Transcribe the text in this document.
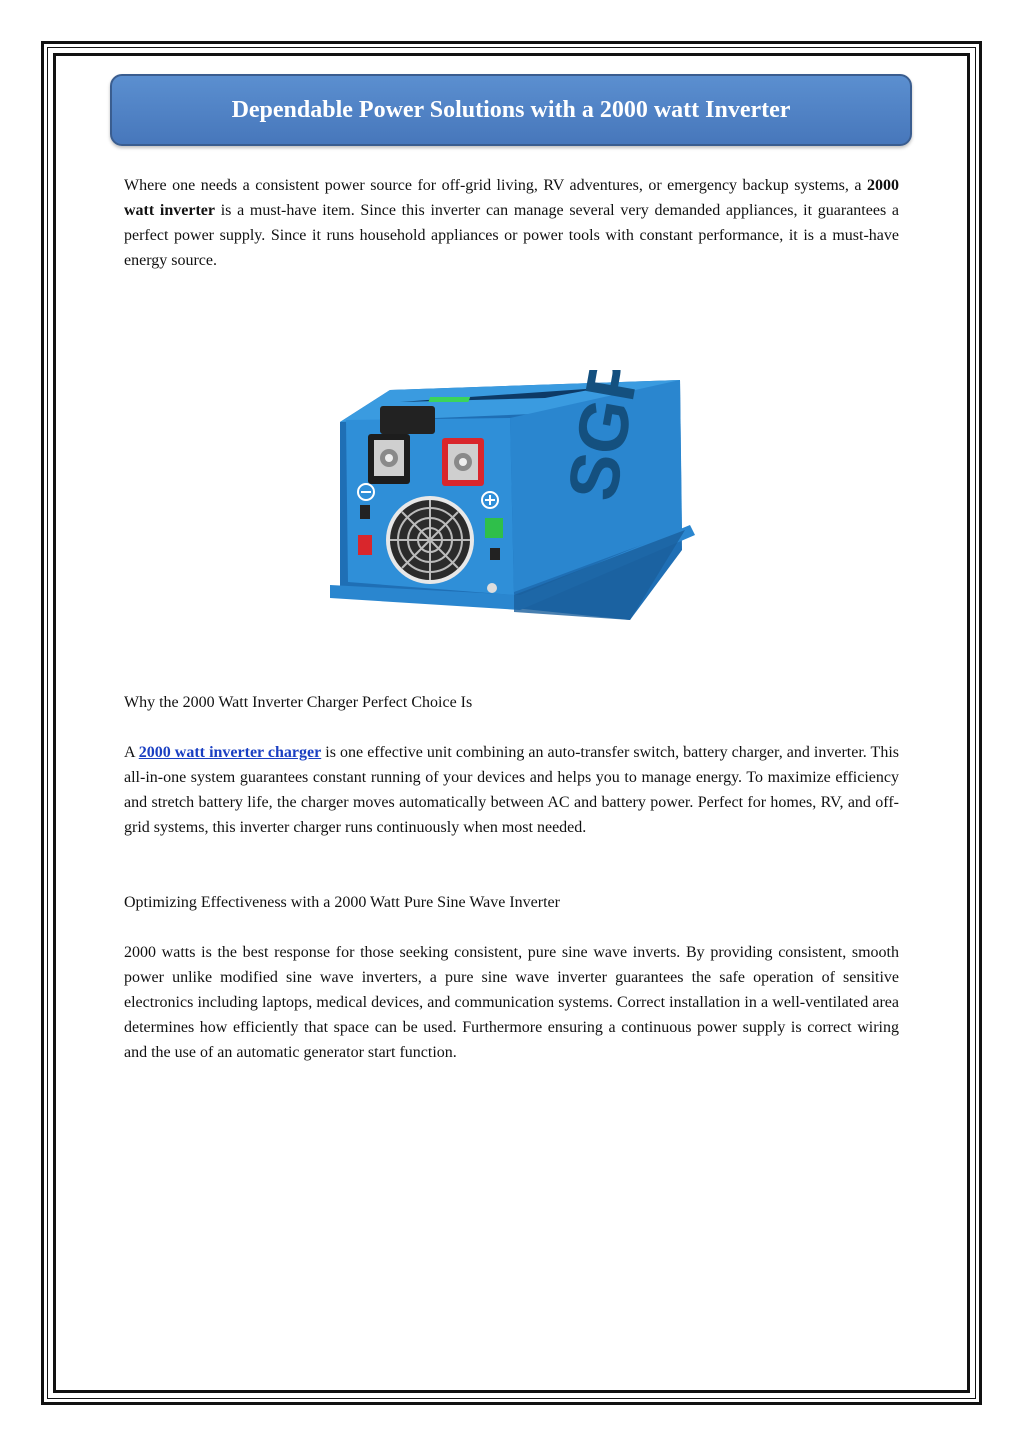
Dependable Power Solutions with a 2000 watt Inverter

Where one needs a consistent power source for off-grid living, RV adventures, or emergency backup systems, a 2000 watt inverter is a must-have item. Since this inverter can manage several very demanded appliances, it guarantees a perfect power supply. Since it runs household appliances or power tools with constant performance, it is a must-have energy source.

SGP

Why the 2000 Watt Inverter Charger Perfect Choice Is

A 2000 watt inverter charger is one effective unit combining an auto-transfer switch, battery charger, and inverter. This all-in-one system guarantees constant running of your devices and helps you to manage energy. To maximize efficiency and stretch battery life, the charger moves automatically between AC and battery power. Perfect for homes, RV, and off-grid systems, this inverter charger runs continuously when most needed.

Optimizing Effectiveness with a 2000 Watt Pure Sine Wave Inverter

2000 watts is the best response for those seeking consistent, pure sine wave inverts. By providing consistent, smooth power unlike modified sine wave inverters, a pure sine wave inverter guarantees the safe operation of sensitive electronics including laptops, medical devices, and communication systems. Correct installation in a well-ventilated area determines how efficiently that space can be used. Furthermore ensuring a continuous power supply is correct wiring and the use of an automatic generator start function.
